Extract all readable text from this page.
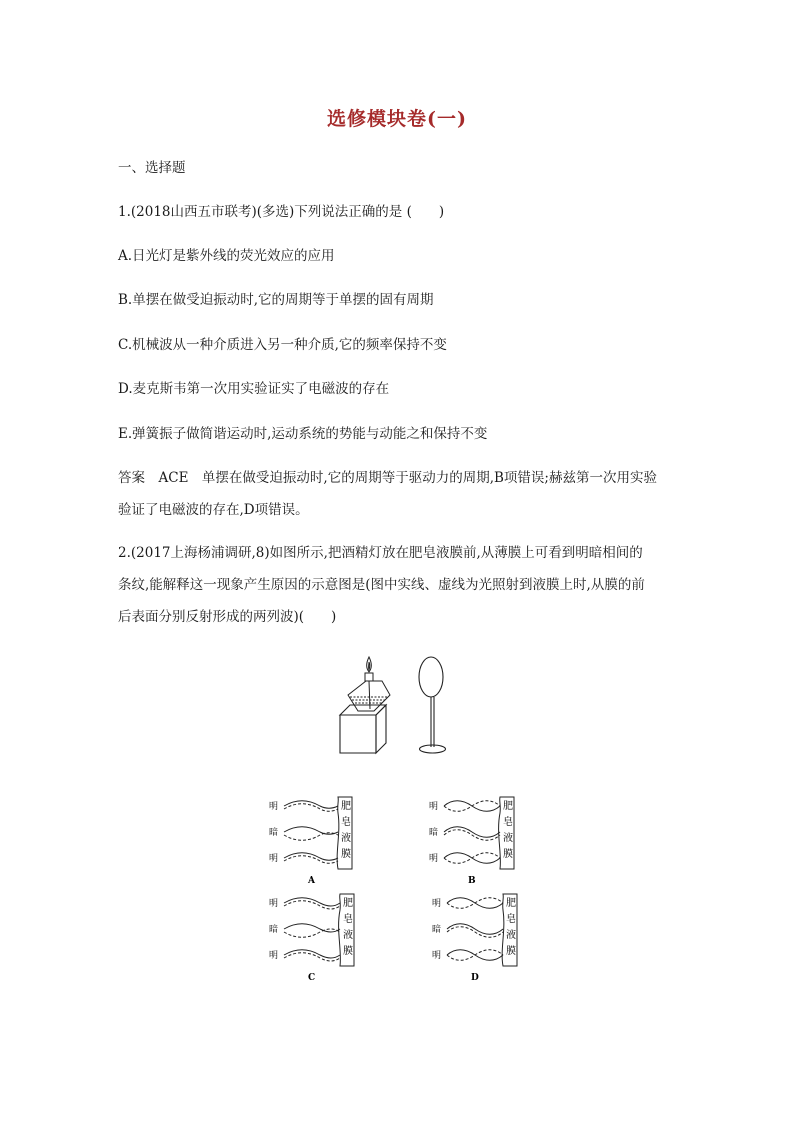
选修模块卷(一)
一、选择题
1.(2018山西五市联考)(多选)下列说法正确的是 (　　)
A.日光灯是紫外线的荧光效应的应用
B.单摆在做受迫振动时,它的周期等于单摆的固有周期
C.机械波从一种介质进入另一种介质,它的频率保持不变
D.麦克斯韦第一次用实验证实了电磁波的存在
E.弹簧振子做简谐运动时,运动系统的势能与动能之和保持不变
答案　ACE　单摆在做受迫振动时,它的周期等于驱动力的周期,B项错误;赫兹第一次用实验
验证了电磁波的存在,D项错误。
2.(2017上海杨浦调研,8)如图所示,把酒精灯放在肥皂液膜前,从薄膜上可看到明暗相间的
条纹,能解释这一现象产生原因的示意图是(图中实线、虚线为光照射到液膜上时,从膜的前
后表面分别反射形成的两列波)(　　)
明
暗
明
肥
皂
液
膜
A
明
暗
明
肥
皂
液
膜
B
明
暗
明
肥
皂
液
膜
C
明
暗
明
肥
皂
液
膜
D
